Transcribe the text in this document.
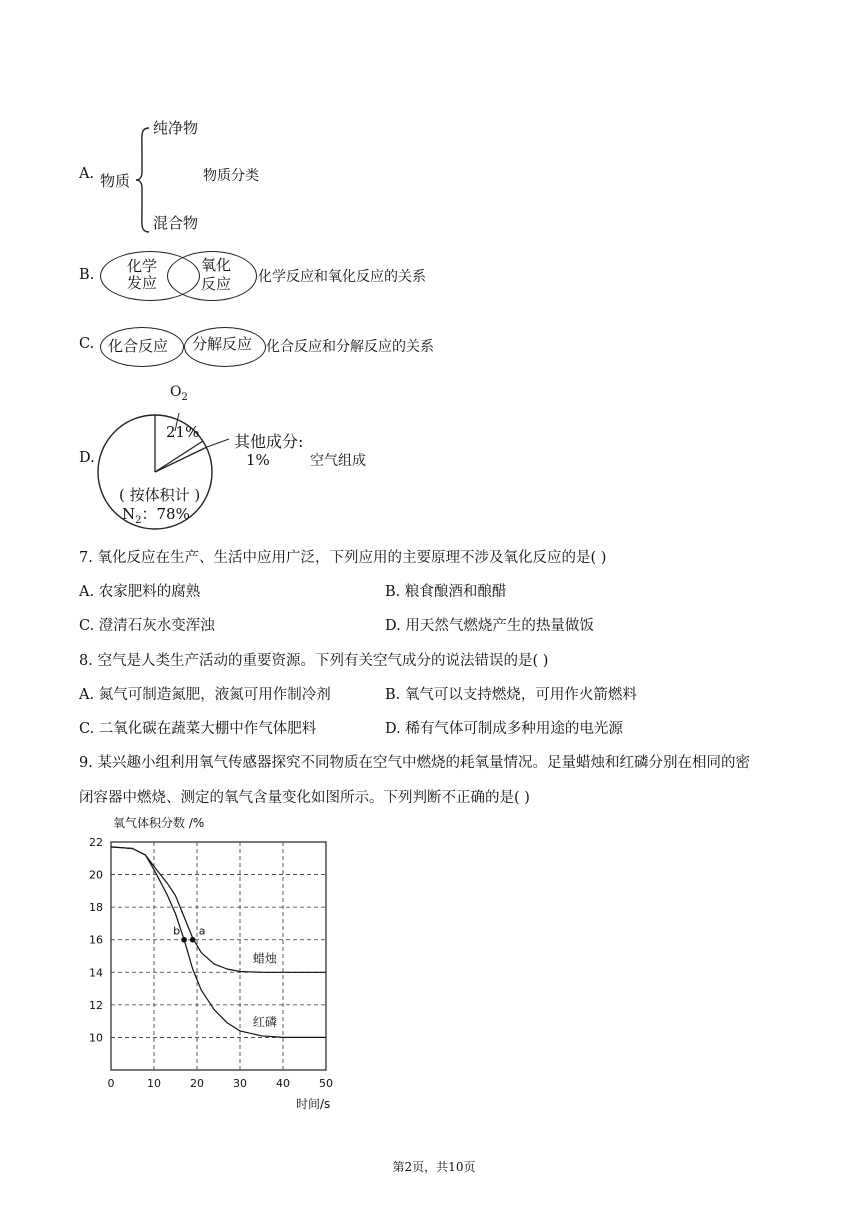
A. 物质
纯净物
混合物
物质分类
B.	化学
发应
氧化
反应	化学反应和氧化反应的关系
C. 化合反应 分解反应 化合反应和分解反应的关系
D.
$O_2$
21% 其他成分:
1%
( 按体积计 )
$N_2$：78%
空气组成
7. 氧化反应在生产、生活中应用广泛，下列应用的主要原理不涉及氧化反应的是( )
A. 农家肥料的腐熟	B. 粮食酿酒和酿醋
C. 澄清石灰水变浑浊	D. 用天然气燃烧产生的热量做饭
8. 空气是人类生产活动的重要资源。下列有关空气成分的说法错误的是( )
A. 氮气可制造氮肥，液氮可用作制冷剂	B. 氧气可以支持燃烧，可用作火箭燃料
C. 二氧化碳在蔬菜大棚中作气体肥料	D. 稀有气体可制成多种用途的电光源
9. 某兴趣小组利用氧气传感器探究不同物质在空气中燃烧的耗氧量情况。足量蜡烛和红磷分别在相同的密
闭容器中燃烧、测定的氧气含量变化如图所示。下列判断不正确的是( )
0	10	20	30	40	50
10
12
14
16
18
20
22
氧气体积分数 /%
时间/s
蜡烛
红磷
b a
第2页，共10页
